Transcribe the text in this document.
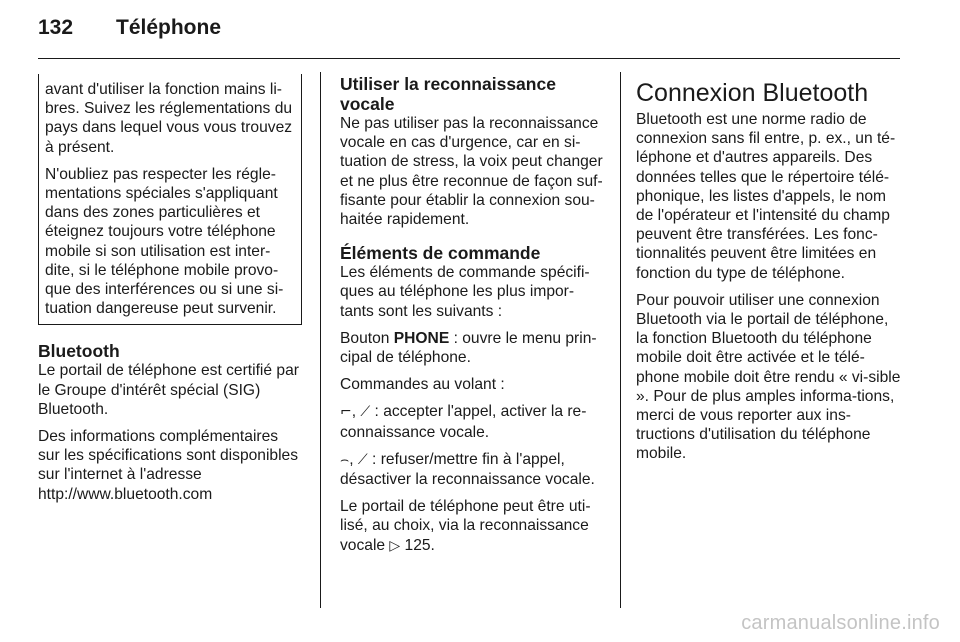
132 Téléphone

avant d'utiliser la fonction mains li-bres. Suivez les réglementations du pays dans lequel vous vous trouvez à présent.

N'oubliez pas respecter les régle-mentations spéciales s'appliquant dans des zones particulières et éteignez toujours votre téléphone mobile si son utilisation est inter-dite, si le téléphone mobile provo-que des interférences ou si une si-tuation dangereuse peut survenir.

Bluetooth

Le portail de téléphone est certifié par le Groupe d'intérêt spécial (SIG) Bluetooth.

Des informations complémentaires sur les spécifications sont disponibles sur l'internet à l'adresse

http://www.bluetooth.com

Utiliser la reconnaissance vocale

Ne pas utiliser pas la reconnaissance vocale en cas d'urgence, car en si-tuation de stress, la voix peut changer et ne plus être reconnue de façon suf-fisante pour établir la connexion sou-haitée rapidement.

Éléments de commande

Les éléments de commande spécifi-ques au téléphone les plus impor-tants sont les suivants :

Bouton PHONE : ouvre le menu prin-cipal de téléphone.

Commandes au volant :

⌐, ⟋ : accepter l'appel, activer la re-connaissance vocale.

⌢, ⟋ : refuser/mettre fin à l'appel, désactiver la reconnaissance vocale.

Le portail de téléphone peut être uti-lisé, au choix, via la reconnaissance vocale ▷ 125.

Connexion Bluetooth

Bluetooth est une norme radio de connexion sans fil entre, p. ex., un té-léphone et d'autres appareils. Des données telles que le répertoire télé-phonique, les listes d'appels, le nom de l'opérateur et l'intensité du champ peuvent être transférées. Les fonc-tionnalités peuvent être limitées en fonction du type de téléphone.

Pour pouvoir utiliser une connexion Bluetooth via le portail de téléphone, la fonction Bluetooth du téléphone mobile doit être activée et le télé-phone mobile doit être rendu « vi-sible ». Pour de plus amples informa-tions, merci de vous reporter aux ins-tructions d'utilisation du téléphone mobile.

carmanualsonline.info
